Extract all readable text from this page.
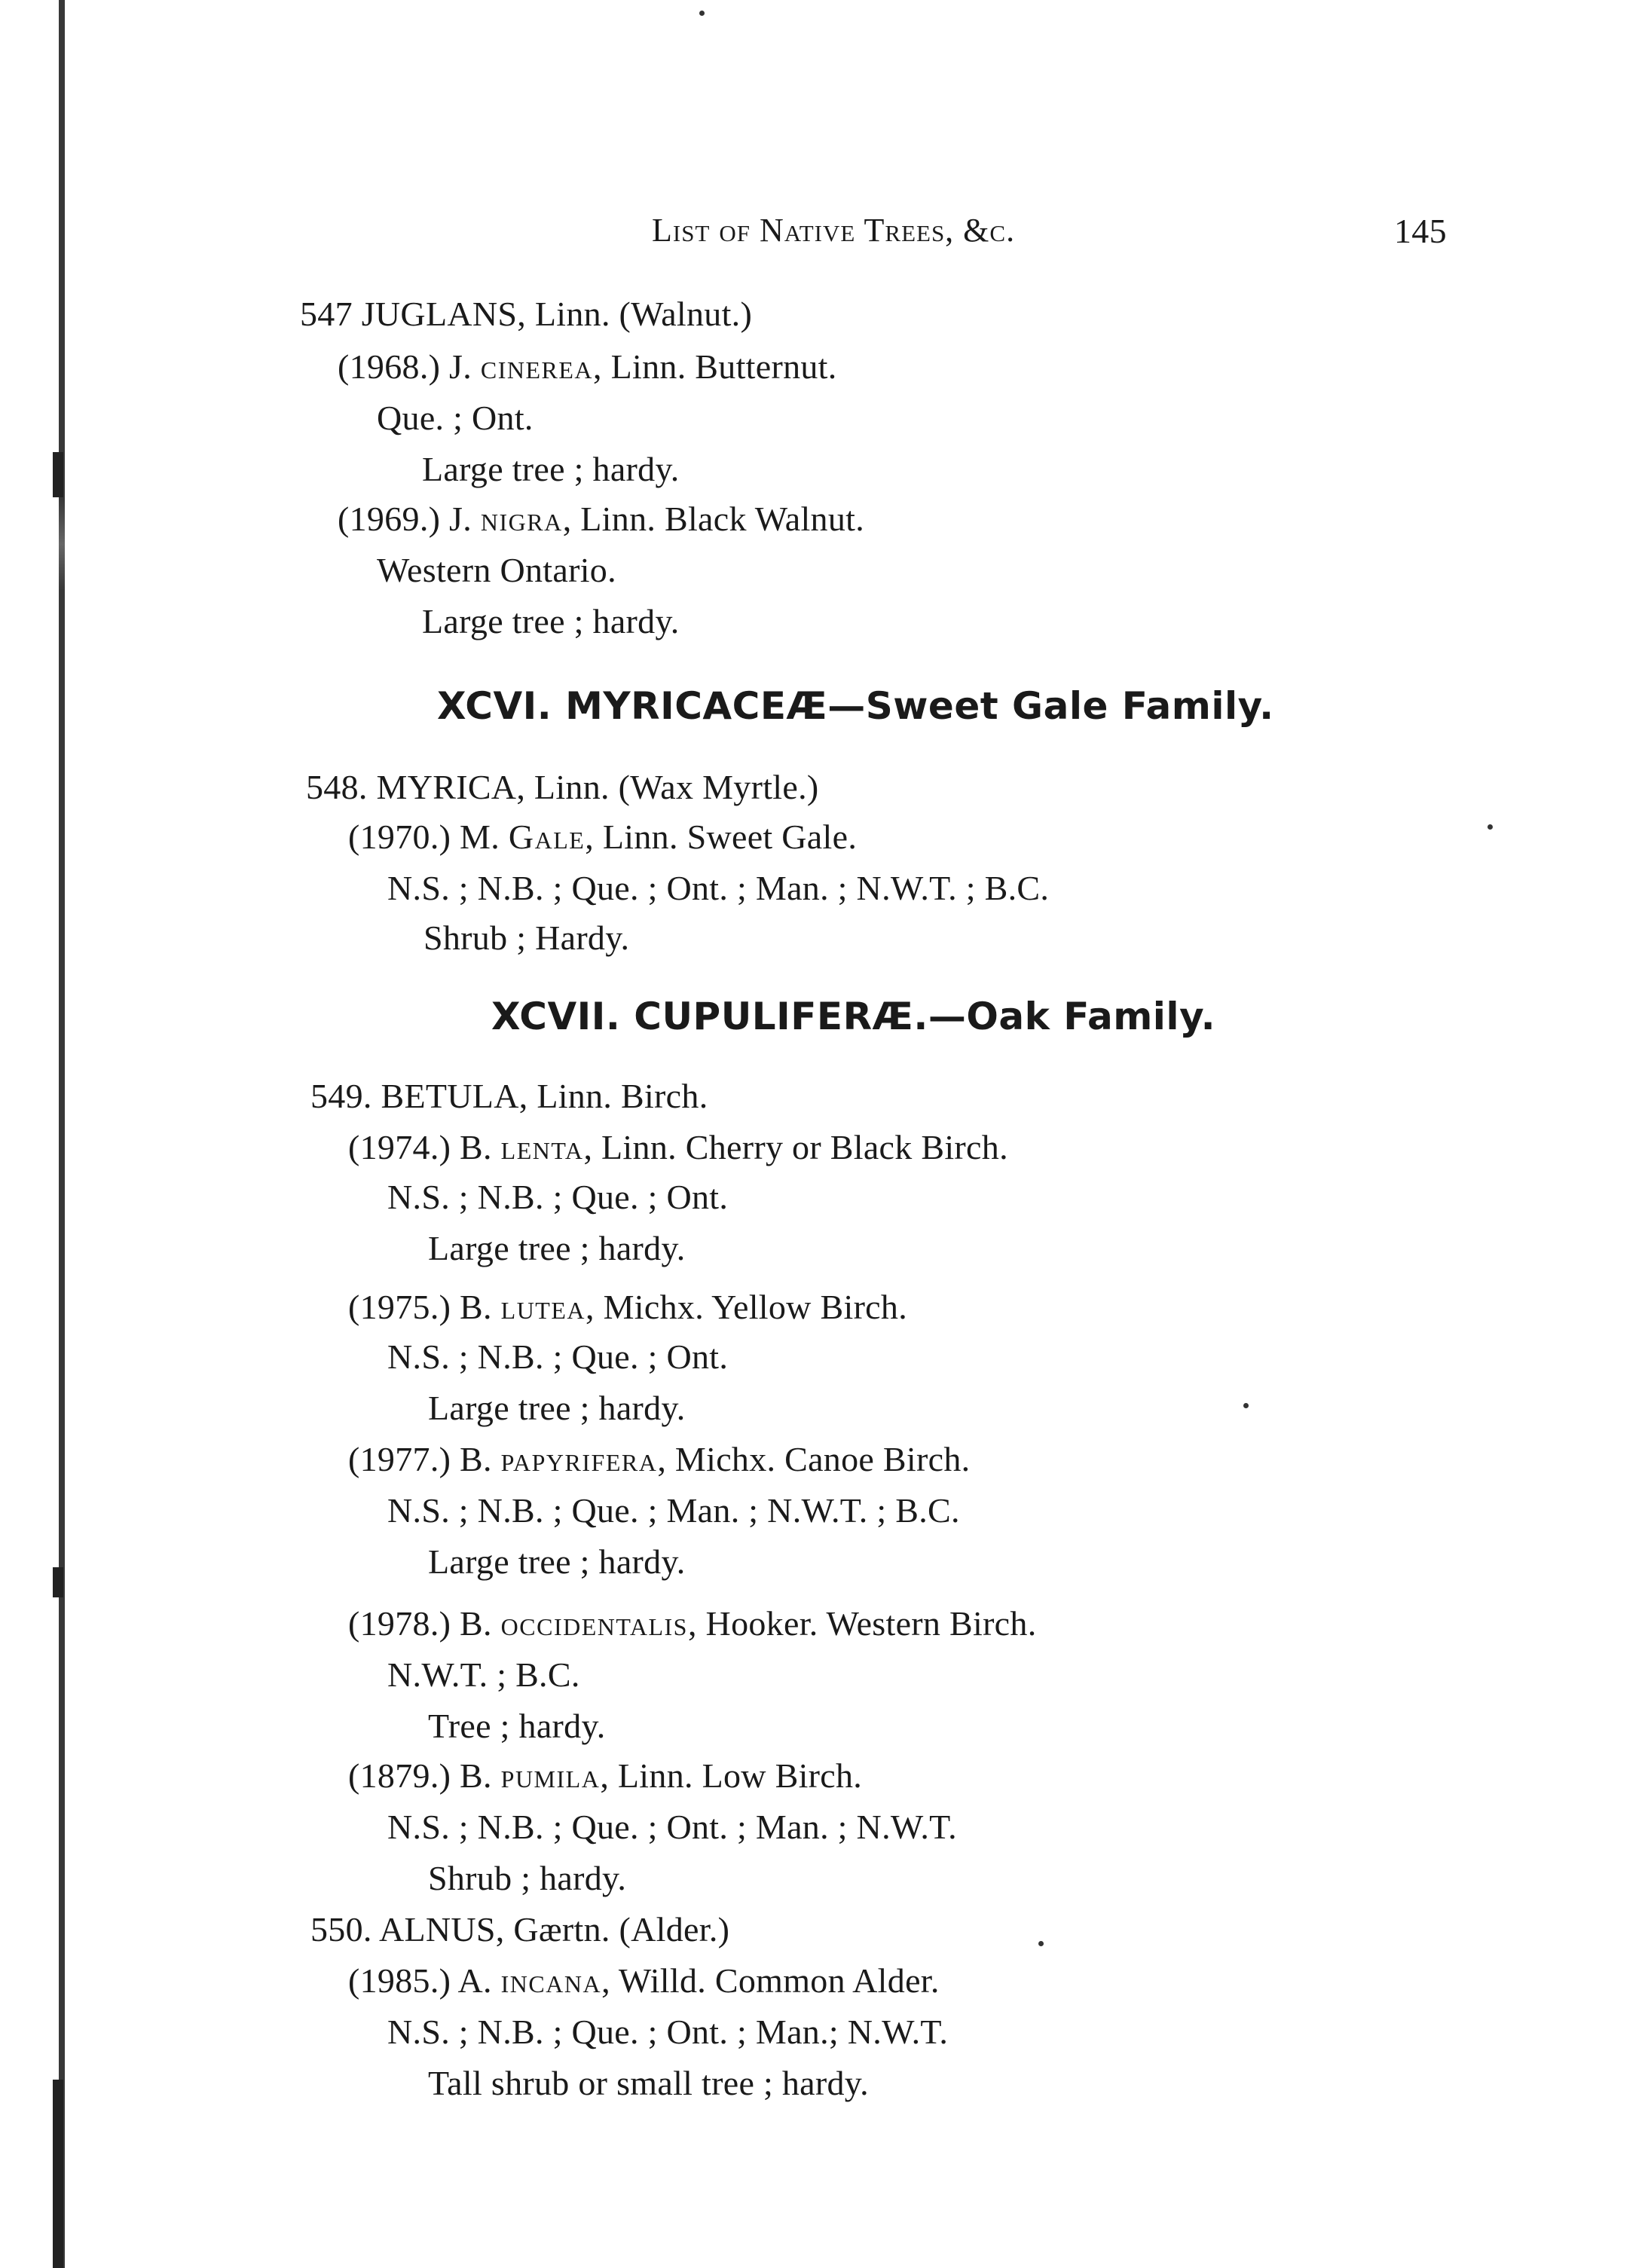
List of Native Trees, &c.	145
547 JUGLANS, Linn. (Walnut.)
(1968.) J. cinerea, Linn. Butternut.
Que. ; Ont.
Large tree ; hardy.
(1969.) J. nigra, Linn. Black Walnut.
Western Ontario.
Large tree ; hardy.
XCVI. MYRICACEÆ—Sweet Gale Family.
548. MYRICA, Linn. (Wax Myrtle.)
(1970.) M. Gale, Linn. Sweet Gale.
N.S. ; N.B. ; Que. ; Ont. ; Man. ; N.W.T. ; B.C.
Shrub ; Hardy.
XCVII. CUPULIFERÆ.—Oak Family.
549. BETULA, Linn. Birch.
(1974.) B. lenta, Linn. Cherry or Black Birch.
N.S. ; N.B. ; Que. ; Ont.
Large tree ; hardy.
(1975.) B. lutea, Michx. Yellow Birch.
N.S. ; N.B. ; Que. ; Ont.
Large tree ; hardy.
(1977.) B. papyrifera, Michx. Canoe Birch.
N.S. ; N.B. ; Que. ; Man. ; N.W.T. ; B.C.
Large tree ; hardy.
(1978.) B. occidentalis, Hooker. Western Birch.
N.W.T. ; B.C.
Tree ; hardy.
(1879.) B. pumila, Linn. Low Birch.
N.S. ; N.B. ; Que. ; Ont. ; Man. ; N.W.T.
Shrub ; hardy.
550. ALNUS, Gærtn. (Alder.)
(1985.) A. incana, Willd. Common Alder.
N.S. ; N.B. ; Que. ; Ont. ; Man.; N.W.T.
Tall shrub or small tree ; hardy.
